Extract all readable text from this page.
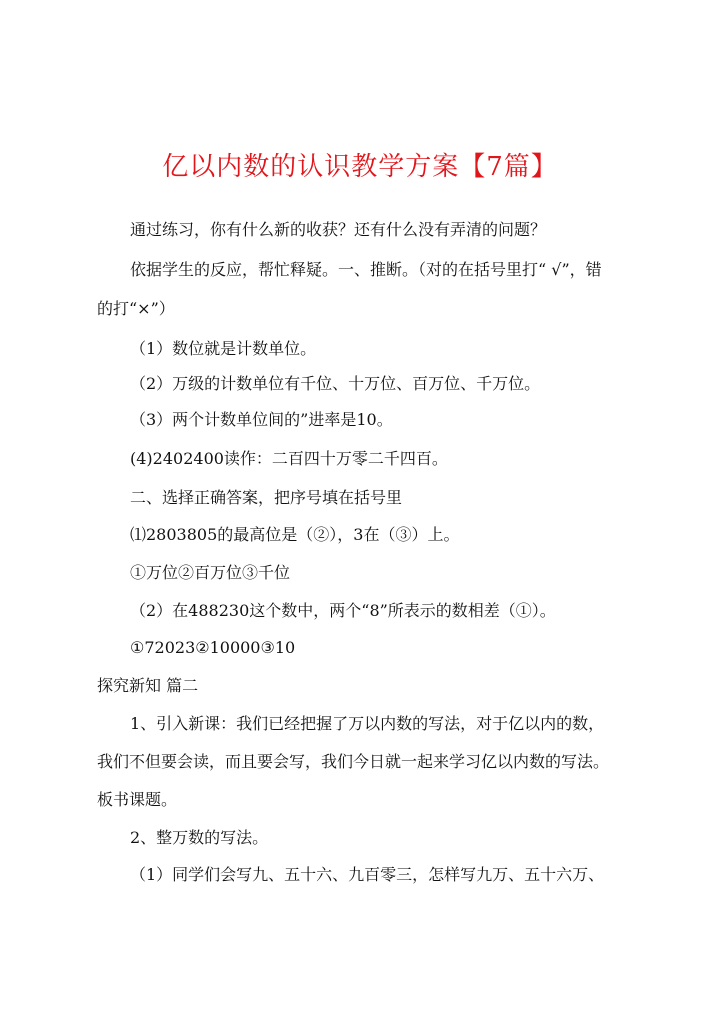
亿以内数的认识教学方案【7篇】
通过练习，你有什么新的收获？还有什么没有弄清的问题？
依据学生的反应，帮忙释疑。一、推断。（对的在括号里打“ √”，错
的打“×”）
（1）数位就是计数单位。
（2）万级的计数单位有千位、十万位、百万位、千万位。
（3）两个计数单位间的”进率是10。
(4)2402400读作：二百四十万零二千四百。
二、选择正确答案，把序号填在括号里
⑴2803805的最高位是（②），3在（③）上。
①万位②百万位③千位
（2）在488230这个数中，两个“8”所表示的数相差（①）。
①72023②10000③10
探究新知 篇二
1、引入新课：我们已经把握了万以内数的写法，对于亿以内的数，
我们不但要会读，而且要会写，我们今日就一起来学习亿以内数的写法。
板书课题。
2、整万数的写法。
（1）同学们会写九、五十六、九百零三，怎样写九万、五十六万、
